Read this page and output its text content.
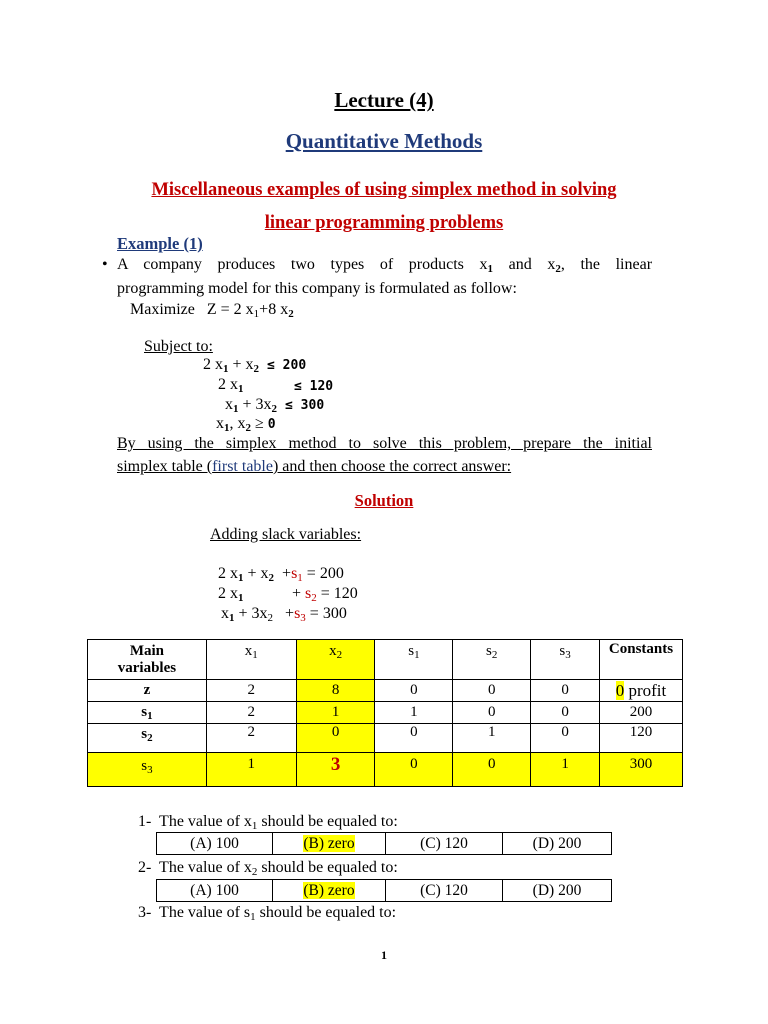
Lecture (4)
Quantitative Methods
Miscellaneous examples of using simplex method in solving
linear programming problems
Example (1)
• A company produces two types of products x1 and x2, the linear
programming model for this company is formulated as follow:
Maximize Z = 2 $x_1+8$ x2
Subject to:
2 x1 + x2 ≤ 200
2 x1	≤ 120
x1 + 3x2 ≤ 300
x1, x2 ≥ 0
By using the simplex method to solve this problem, prepare the initial
simplex table (first table) and then choose the correct answer:
Solution
Adding slack variables:
2 $x1 + x2 +s_1 = 200$
2 x1	+ $s_2 = 120$
$x1 + 3x_2 +s_3 = 300$
Main
variables	$x_1$	$x_2$	$s_1$	$s_2$	$s_3$	Constants
z	2	8	0	0	0	0 profit
$s_1$	2	1	1	0	0	200
$s_2$	2	0	0	1	0	120
$s_3$	1	3	0	0	1	300
1- The value of $x_1$ should be equaled to:
(A) 100	(B) zero	(C) 120	(D) 200
2- The value of $x_2$ should be equaled to:
(A) 100	(B) zero	(C) 120	(D) 200
3- The value of $s_1$ should be equaled to:
1
